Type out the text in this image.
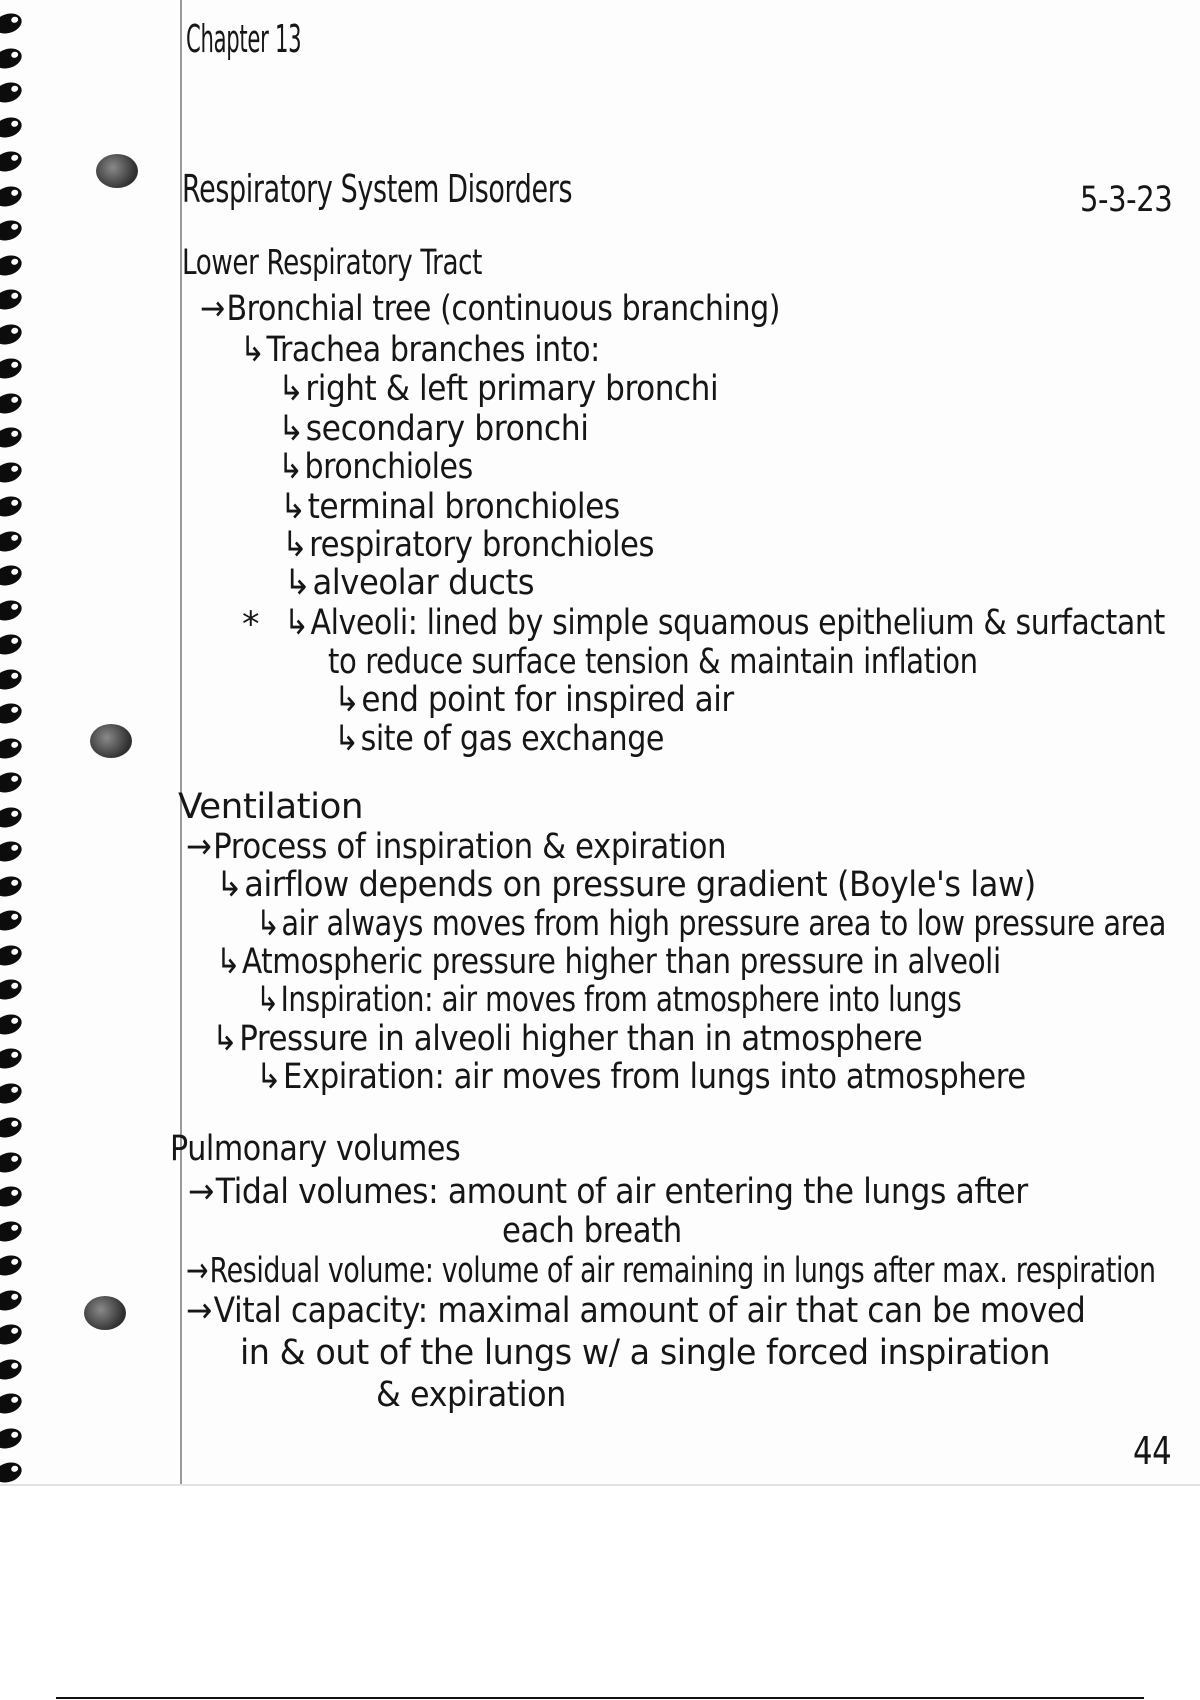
Chapter 13

Respiratory System Disorders	5-3-23

Lower Respiratory Tract

→Bronchial tree (continuous branching)

↳Trachea branches into:

↳right & left primary bronchi

↳secondary bronchi

↳bronchioles

↳terminal bronchioles

↳respiratory bronchioles

↳alveolar ducts

* ↳Alveoli: lined by simple squamous epithelium & surfactant

to reduce surface tension & maintain inflation

↳end point for inspired air

↳site of gas exchange

Ventilation

→Process of inspiration & expiration

↳airflow depends on pressure gradient (Boyle's law)

↳air always moves from high pressure area to low pressure area

↳Atmospheric pressure higher than pressure in alveoli

↳Inspiration: air moves from atmosphere into lungs

↳Pressure in alveoli higher than in atmosphere

↳Expiration: air moves from lungs into atmosphere

Pulmonary volumes

→Tidal volumes: amount of air entering the lungs after

each breath

→Residual volume: volume of air remaining in lungs after max. respiration

→Vital capacity: maximal amount of air that can be moved

in & out of the lungs w/ a single forced inspiration

& expiration

44
